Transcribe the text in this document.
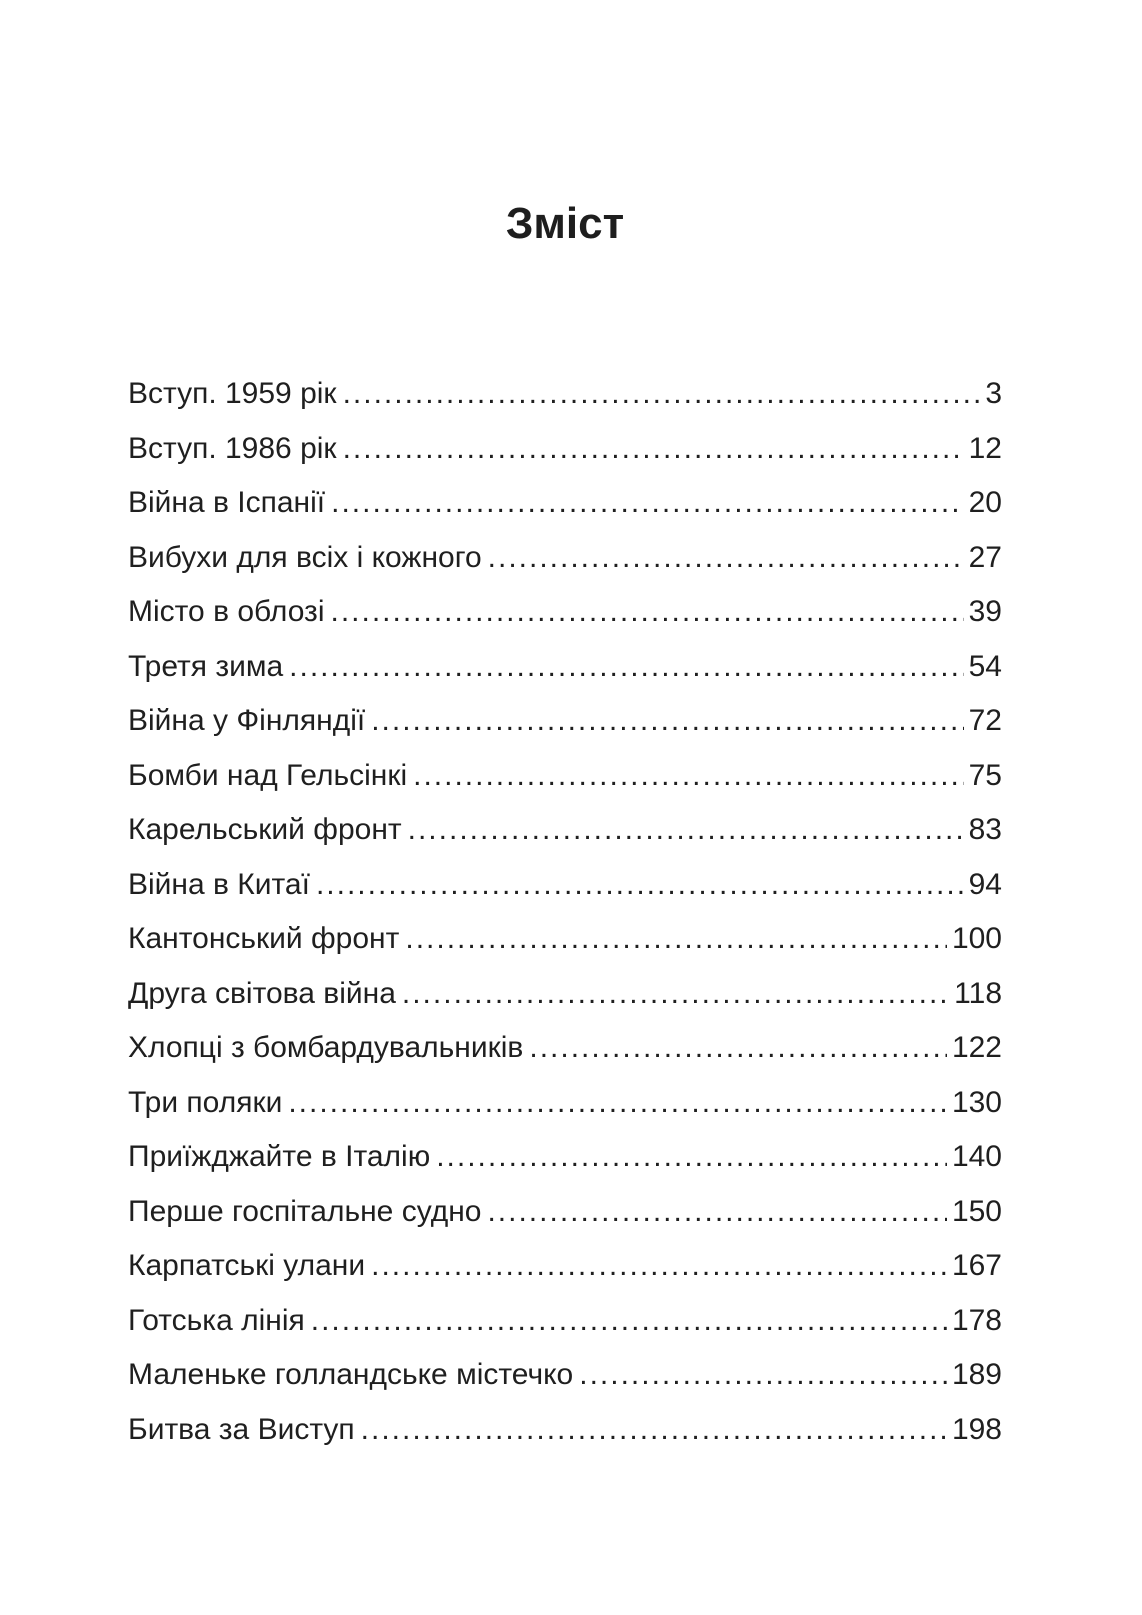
Зміст
Вступ. 1959 рік .....	3
Вступ. 1986 рік .....	12
Війна в Іспанії .....	20
Вибухи для всіх і кожного .....	27
Місто в облозі .....	39
Третя зима .....	54
Війна у Фінляндії .....	72
Бомби над Гельсінкі .....	75
Карельський фронт .....	83
Війна в Китаї .....	94
Кантонський фронт .....	100
Друга світова війна .....	118
Хлопці з бомбардувальників .....	122
Три поляки .....	130
Приїжджайте в Італію .....	140
Перше госпітальне судно .....	150
Карпатські улани .....	167
Готська лінія .....	178
Маленьке голландське містечко .....	189
Битва за Виступ .....	198
